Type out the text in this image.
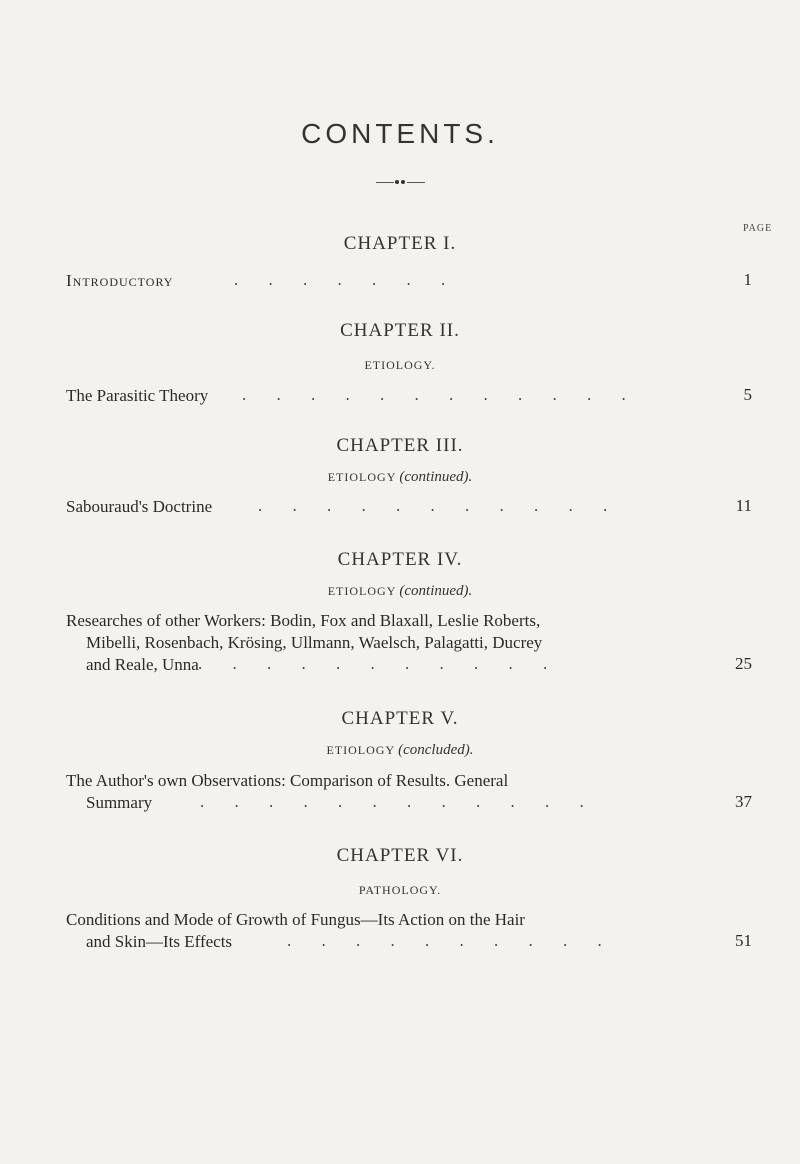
CONTENTS.
PAGE
CHAPTER I.
Introductory	. . . . . . .	1
CHAPTER II.
ETIOLOGY.
The Parasitic Theory	. . . . . . . . . . . .	5
CHAPTER III.
ETIOLOGY (continued).
Sabouraud's Doctrine	. . . . . . . . . . .	11
CHAPTER IV.
ETIOLOGY (continued).
Researches of other Workers: Bodin, Fox and Blaxall, Leslie Roberts,
Mibelli, Rosenbach, Krösing, Ullmann, Waelsch, Palagatti, Ducrey
and Reale, Unna . . . . . . . . . . .	25
CHAPTER V.
ETIOLOGY (concluded).
The Author's own Observations: Comparison of Results. General
Summary	. . . . . . . . . . . .	37
CHAPTER VI.
PATHOLOGY.
Conditions and Mode of Growth of Fungus—Its Action on the Hair
and Skin—Its Effects	. . . . . . . . . .	51
